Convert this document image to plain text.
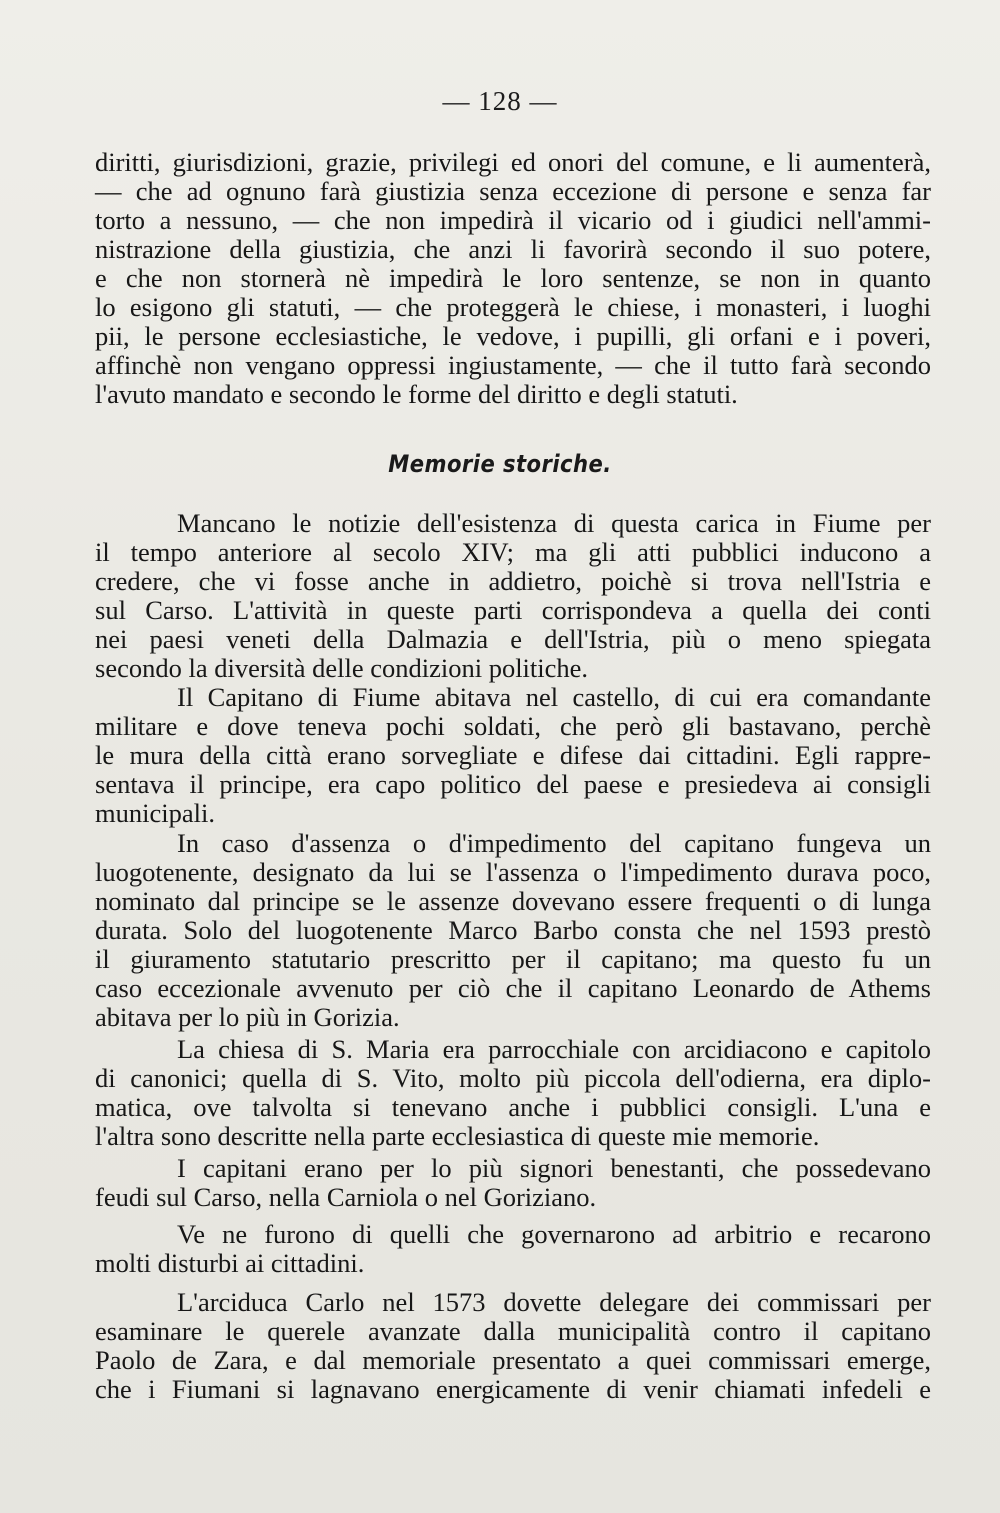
— 128 —
diritti, giurisdizioni, grazie, privilegi ed onori del comune, e li aumenterà,
— che ad ognuno farà giustizia senza eccezione di persone e senza far
torto a nessuno, — che non impedirà il vicario od i giudici nell'ammi-
nistrazione della giustizia, che anzi li favorirà secondo il suo potere,
e che non stornerà nè impedirà le loro sentenze, se non in quanto
lo esigono gli statuti, — che proteggerà le chiese, i monasteri, i luoghi
pii, le persone ecclesiastiche, le vedove, i pupilli, gli orfani e i poveri,
affinchè non vengano oppressi ingiustamente, — che il tutto farà secondo
l'avuto mandato e secondo le forme del diritto e degli statuti.
Memorie storiche.
Mancano le notizie dell'esistenza di questa carica in Fiume per
il tempo anteriore al secolo XIV; ma gli atti pubblici inducono a
credere, che vi fosse anche in addietro, poichè si trova nell'Istria e
sul Carso. L'attività in queste parti corrispondeva a quella dei conti
nei paesi veneti della Dalmazia e dell'Istria, più o meno spiegata
secondo la diversità delle condizioni politiche.
Il Capitano di Fiume abitava nel castello, di cui era comandante
militare e dove teneva pochi soldati, che però gli bastavano, perchè
le mura della città erano sorvegliate e difese dai cittadini. Egli rappre-
sentava il principe, era capo politico del paese e presiedeva ai consigli
municipali.
In caso d'assenza o d'impedimento del capitano fungeva un
luogotenente, designato da lui se l'assenza o l'impedimento durava poco,
nominato dal principe se le assenze dovevano essere frequenti o di lunga
durata. Solo del luogotenente Marco Barbo consta che nel 1593 prestò
il giuramento statutario prescritto per il capitano; ma questo fu un
caso eccezionale avvenuto per ciò che il capitano Leonardo de Athems
abitava per lo più in Gorizia.
La chiesa di S. Maria era parrocchiale con arcidiacono e capitolo
di canonici; quella di S. Vito, molto più piccola dell'odierna, era diplo-
matica, ove talvolta si tenevano anche i pubblici consigli. L'una e
l'altra sono descritte nella parte ecclesiastica di queste mie memorie.
I capitani erano per lo più signori benestanti, che possedevano
feudi sul Carso, nella Carniola o nel Goriziano.
Ve ne furono di quelli che governarono ad arbitrio e recarono
molti disturbi ai cittadini.
L'arciduca Carlo nel 1573 dovette delegare dei commissari per
esaminare le querele avanzate dalla municipalità contro il capitano
Paolo de Zara, e dal memoriale presentato a quei commissari emerge,
che i Fiumani si lagnavano energicamente di venir chiamati infedeli e
